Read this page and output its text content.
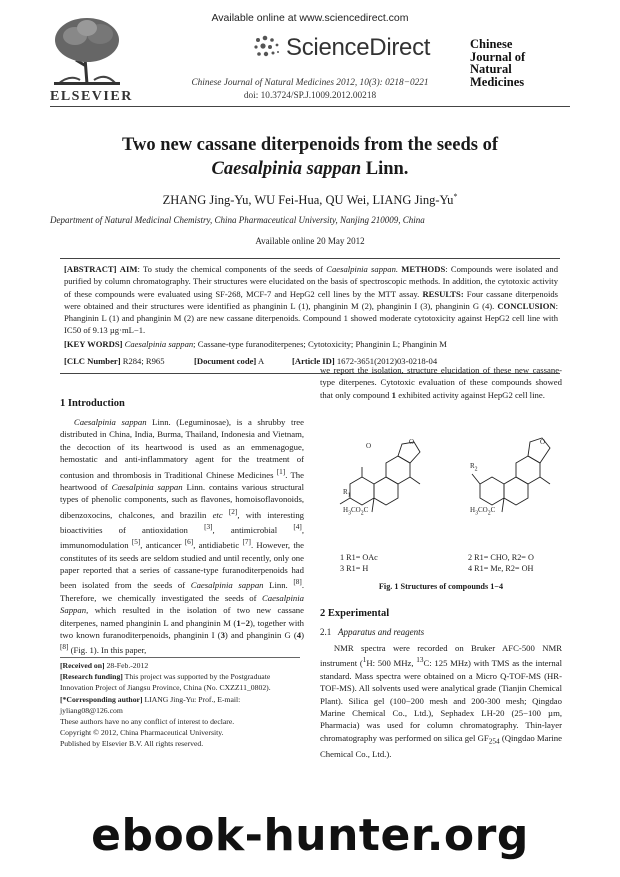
Available online at www.sciencedirect.com
ScienceDirect
Chinese Journal of Natural Medicines 2012, 10(3): 0218−0221
doi: 10.3724/SP.J.1009.2012.00218
ELSEVIER
Chinese
Journal of
Natural
Medicines
Two new cassane diterpenoids from the seeds of
Caesalpinia sappan Linn.
ZHANG Jing-Yu, WU Fei-Hua, QU Wei, LIANG Jing-Yu*
Department of Natural Medicinal Chemistry, China Pharmaceutical University, Nanjing 210009, China
Available online 20 May 2012
[ABSTRACT] AIM: To study the chemical components of the seeds of Caesalpinia sappan. METHODS: Compounds were isolated and purified by column chromatography. Their structures were elucidated on the basis of spectroscopic methods. In addition, the cytotoxic activity of these compounds were evaluated using SF-268, MCF-7 and HepG2 cell lines by the MTT assay. RESULTS: Four cassane diterpenoids were obtained and their structures were identified as phanginin L (1), phanginin M (2), phanginin I (3), phanginin G (4). CONCLUSION: Phanginin L (1) and phanginin M (2) are new cassane diterpenoids. Compound 1 showed moderate cytotoxicity against HepG2 cell line with IC50 of 9.13 µg·mL−1.
[KEY WORDS] Caesalpinia sappan; Cassane-type furanoditerpenes; Cytotoxicity; Phanginin L; Phanginin M
[CLC Number] R284; R965	[Document code] A	[Article ID] 1672-3651(2012)03-0218-04
1 Introduction
Caesalpinia sappan Linn. (Leguminosae), is a shrubby tree distributed in China, India, Burma, Thailand, Indonesia and Vietnam, the decoction of its heartwood is used as an emmenagogue, hemostatic and anti-inflammatory agent for the treatment of contusion and thrombosis in Traditional Chinese Medicines [1]. The heartwood of Caesalpinia sappan Linn. contains various structural types of phenolic components, such as flavones, homoisoflavonoids, dibenzoxocins, chalcones, and brazilin etc [2], with interesting bioactivities of antioxidation [3], antimicrobial [4], immunomodulation [5], anticancer [6], antidiabetic [7]. However, the constitutes of its seeds are seldom studied and until recently, only one paper reported that a series of cassane-type furanoditerpenoids had been isolated from the seeds of Caesalpinia sappan Linn. [8]. Therefore, we chemically investigated the seeds of Caesalpinia Sappan, which resulted in the isolation of two new cassane diterpenes, named phanginin L and phanginin M (1−2), together with two known furanoditerpenoids, phanginin I (3) and phanginin G (4) [8] (Fig. 1). In this paper,
[Received on] 28-Feb.-2012
[Research funding] This project was supported by the Postgraduate Innovation Project of Jiangsu Province, China (No. CXZZ11_0802).
[*Corresponding author] LIANG Jing-Yu: Prof., E-mail: jyliang08@126.com
These authors have no any conflict of interest to declare.
Copyright © 2012, China Pharmaceutical University.
Published by Elsevier B.V. All rights reserved.
we report the isolation, structure elucidation of these new cassane-type diterpenes. Cytotoxic evaluation of these compounds showed that only compound 1 exhibited activity against HepG2 cell line.
O	O
$R_1$
$H_3CO_2C$
$R_2$
$H_3CO_2C$
O
1 R1= OAc
3 R1= H
2 R1= CHO, R2= O
4 R1= Me, R2= OH
Fig. 1 Structures of compounds 1−4
2 Experimental
2.1 Apparatus and reagents
NMR spectra were recorded on Bruker AFC-500 NMR instrument ($^1$H: 500 MHz, $^{13}$C: 125 MHz) with TMS as the internal standard. Mass spectra were obtained on a Micro Q-TOF-MS (HR-TOF-MS). All solvents used were analytical grade (Tianjin Chemical Plant). Silica gel (100−200 mesh and 200-300 mesh; Qingdao Marine Chemical Co., Ltd.), Sephadex LH-20 (25−100 µm, Pharmacia) was used for column chromatography. Thin-layer chromatography was performed on silica gel $GF_{254}$ (Qingdao Marine Chemical Co., Ltd.).
ebook-hunter.org
